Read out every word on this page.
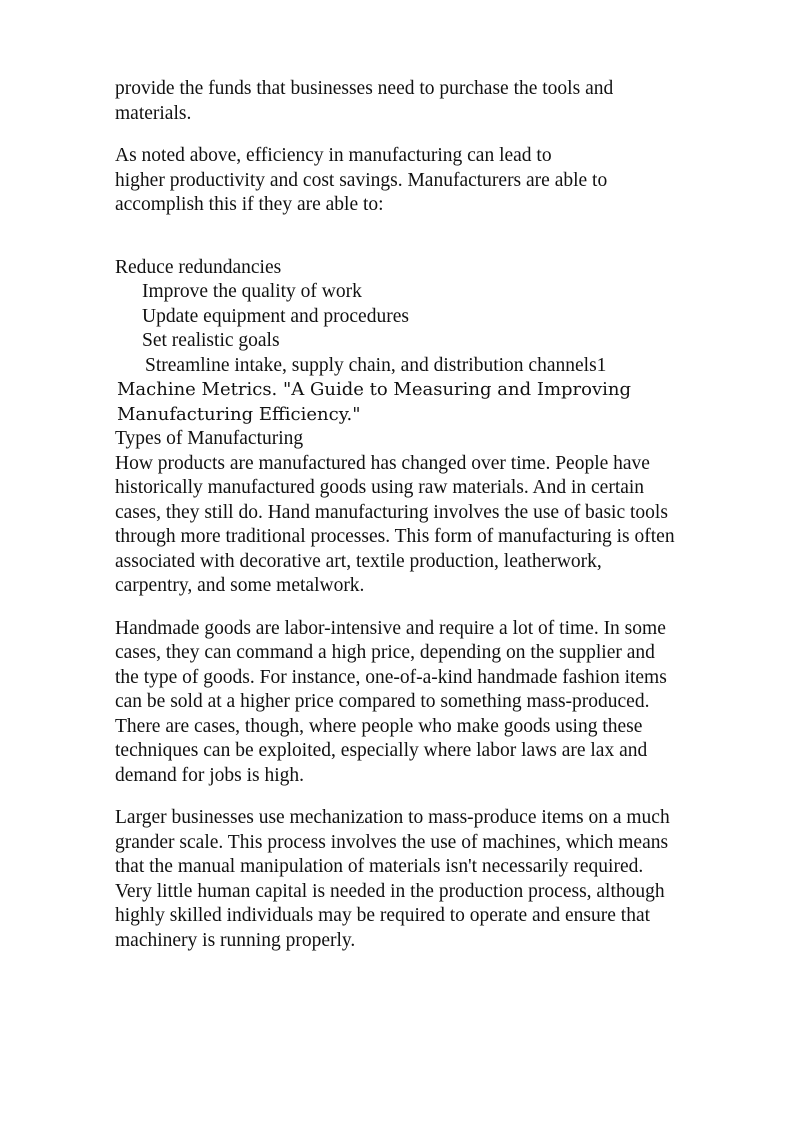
provide the funds that businesses need to purchase the tools and
materials.
As noted above, efficiency in manufacturing can lead to
higher productivity and cost savings. Manufacturers are able to
accomplish this if they are able to:
Reduce redundancies
Improve the quality of work
Update equipment and procedures
Set realistic goals
Streamline intake, supply chain, and distribution channels1
Machine Metrics. "A Guide to Measuring and Improving
Manufacturing Efficiency."
Types of Manufacturing
How products are manufactured has changed over time. People have
historically manufactured goods using raw materials. And in certain
cases, they still do. Hand manufacturing involves the use of basic tools
through more traditional processes. This form of manufacturing is often
associated with decorative art, textile production, leatherwork,
carpentry, and some metalwork.
Handmade goods are labor-intensive and require a lot of time. In some
cases, they can command a high price, depending on the supplier and
the type of goods. For instance, one-of-a-kind handmade fashion items
can be sold at a higher price compared to something mass-produced.
There are cases, though, where people who make goods using these
techniques can be exploited, especially where labor laws are lax and
demand for jobs is high.
Larger businesses use mechanization to mass-produce items on a much
grander scale. This process involves the use of machines, which means
that the manual manipulation of materials isn't necessarily required.
Very little human capital is needed in the production process, although
highly skilled individuals may be required to operate and ensure that
machinery is running properly.
